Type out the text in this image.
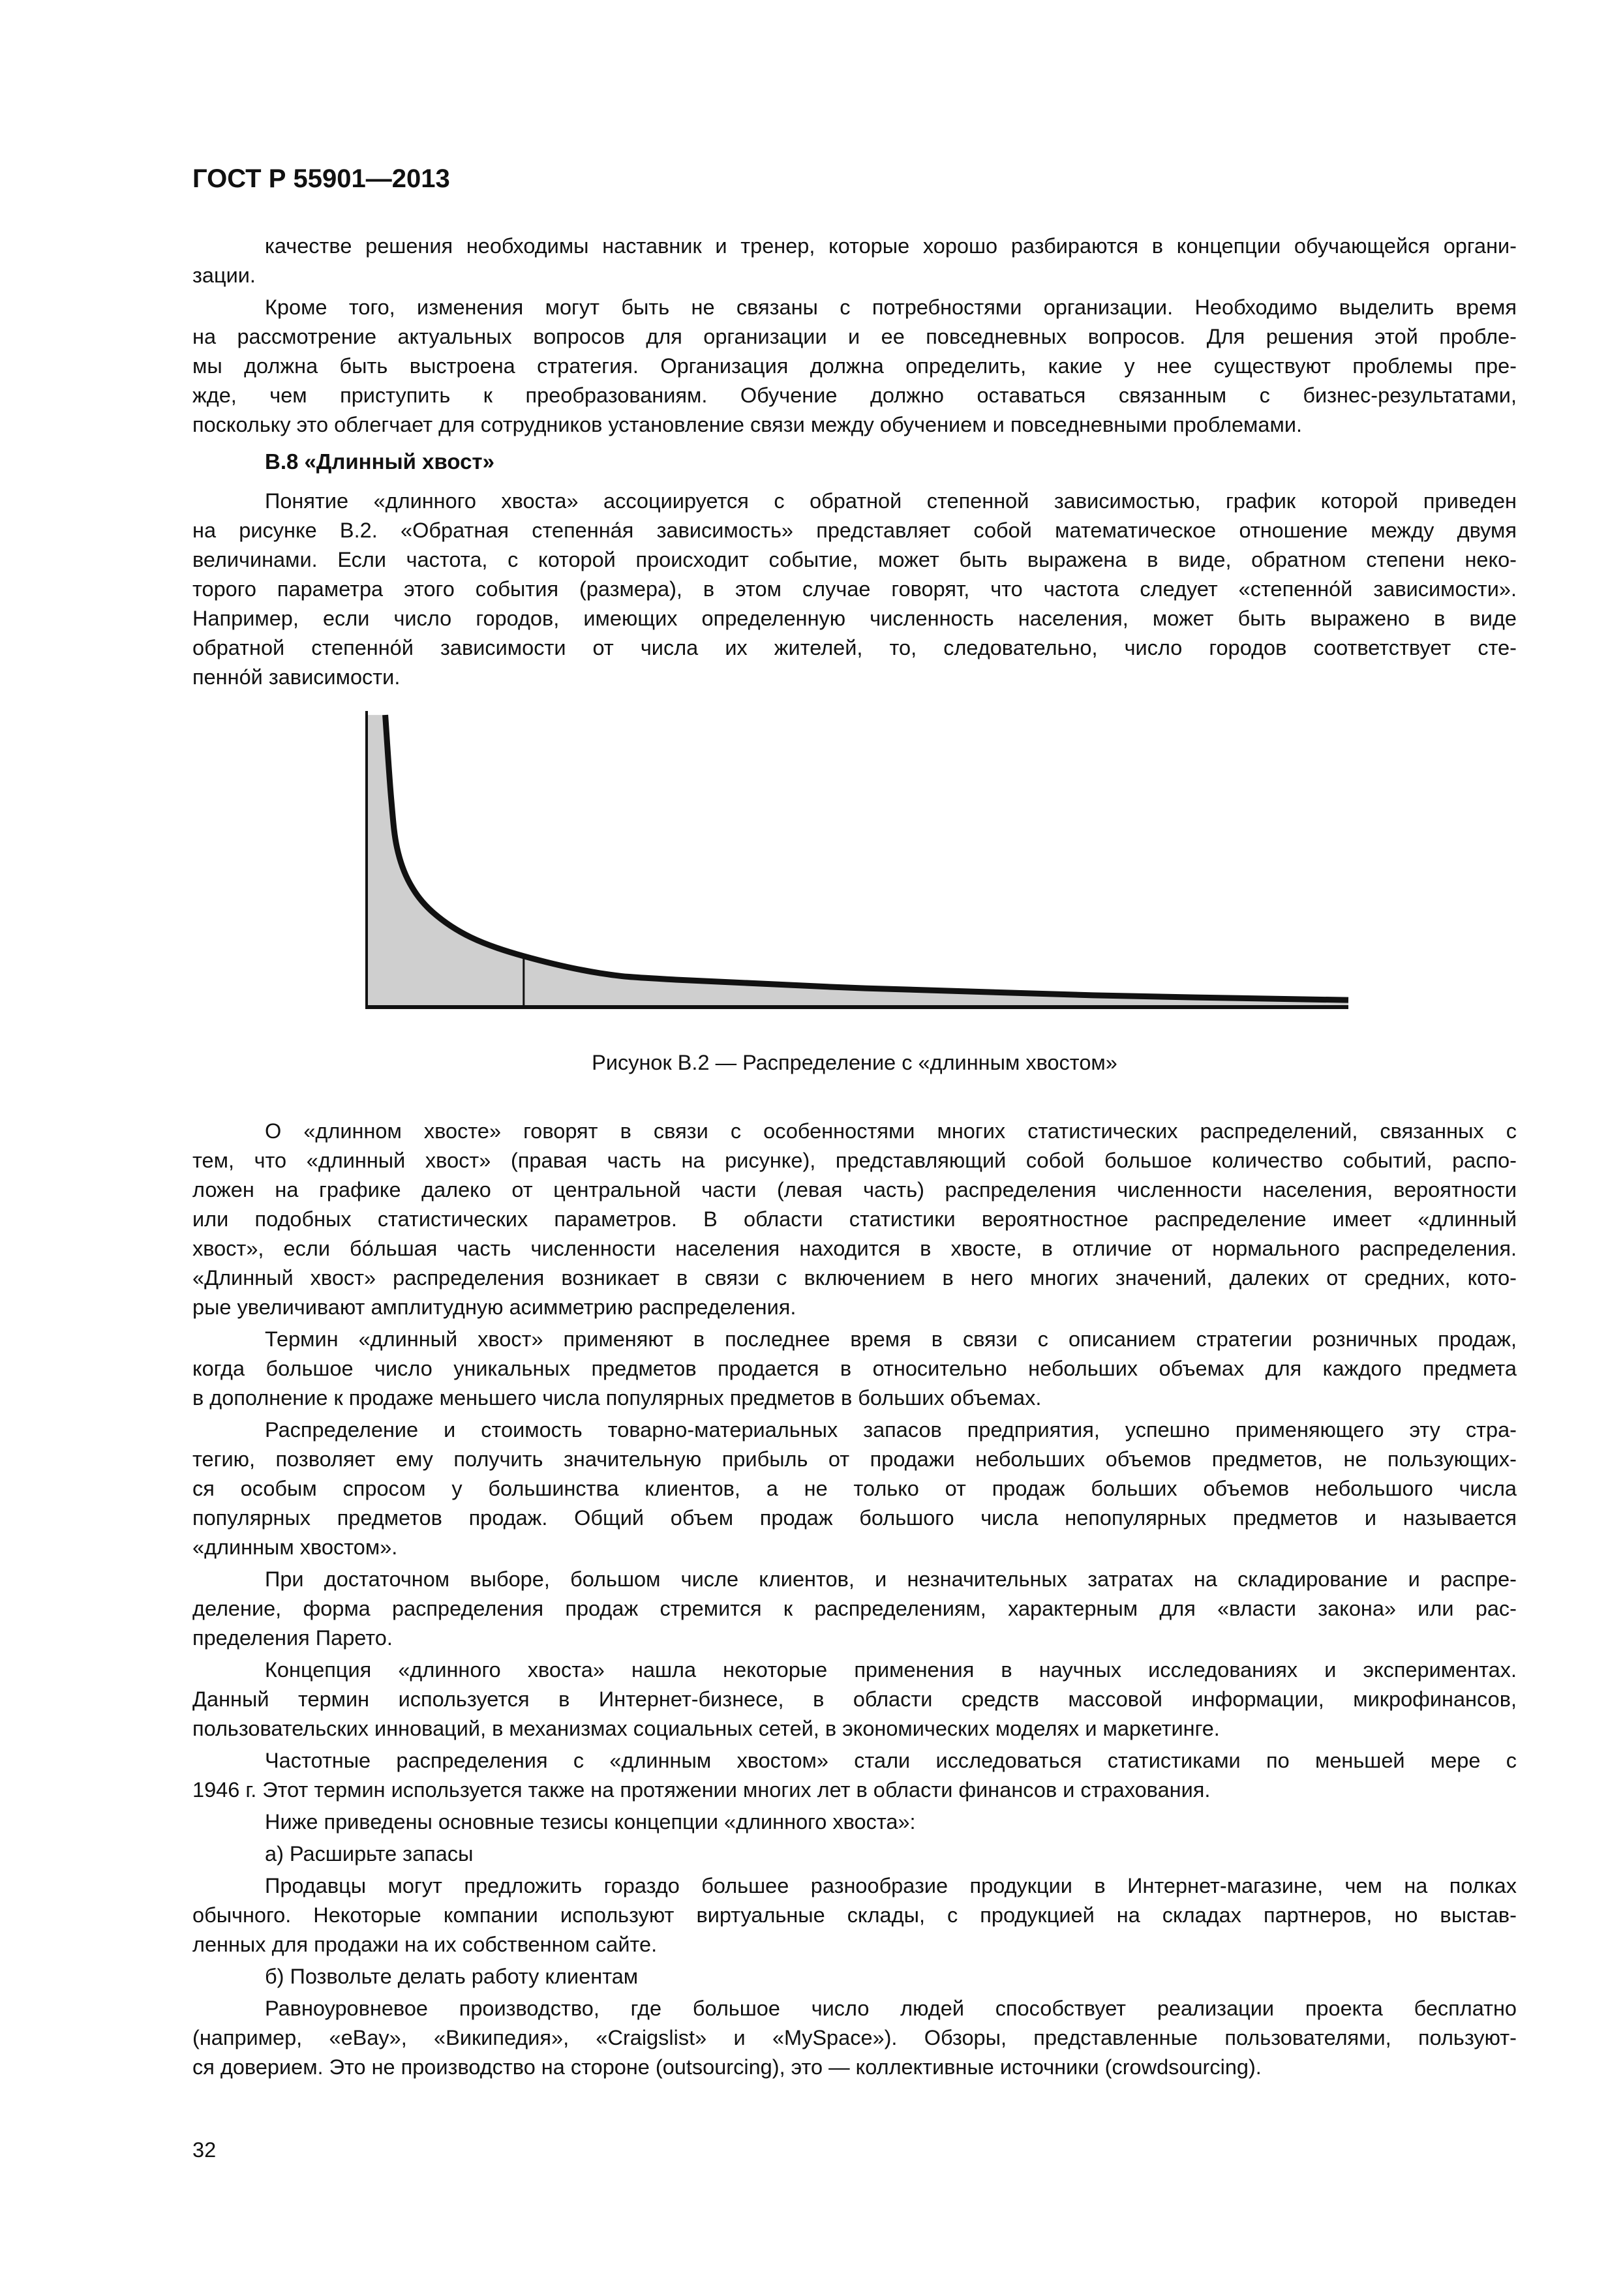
ГОСТ Р 55901—2013
качестве решения необходимы наставник и тренер, которые хорошо разбираются в концепции обучающейся органи-
зации.
Кроме того, изменения могут быть не связаны с потребностями организации. Необходимо выделить время
на рассмотрение актуальных вопросов для организации и ее повседневных вопросов. Для решения этой пробле-
мы должна быть выстроена стратегия. Организация должна определить, какие у нее существуют проблемы пре-
жде, чем приступить к преобразованиям. Обучение должно оставаться связанным с бизнес-результатами,
поскольку это облегчает для сотрудников установление связи между обучением и повседневными проблемами.
В.8 «Длинный хвост»
Понятие «длинного хвоста» ассоциируется с обратной степенной зависимостью, график которой приведен
на рисунке В.2. «Обратная степенна́я зависимость» представляет собой математическое отношение между двумя
величинами. Если частота, с которой происходит событие, может быть выражена в виде, обратном степени неко-
торого параметра этого события (размера), в этом случае говорят, что частота следует «степенно́й зависимости».
Например, если число городов, имеющих определенную численность населения, может быть выражено в виде
обратной степенно́й зависимости от числа их жителей, то, следовательно, число городов соответствует сте-
пенно́й зависимости.
Рисунок В.2 — Распределение с «длинным хвостом»
О «длинном хвосте» говорят в связи с особенностями многих статистических распределений, связанных с
тем, что «длинный хвост» (правая часть на рисунке), представляющий собой большое количество событий, распо-
ложен на графике далеко от центральной части (левая часть) распределения численности населения, вероятности
или подобных статистических параметров. В области статистики вероятностное распределение имеет «длинный
хвост», если бо́льшая часть численности населения находится в хвосте, в отличие от нормального распределения.
«Длинный хвост» распределения возникает в связи с включением в него многих значений, далеких от средних, кото-
рые увеличивают амплитудную асимметрию распределения.
Термин «длинный хвост» применяют в последнее время в связи с описанием стратегии розничных продаж,
когда большое число уникальных предметов продается в относительно небольших объемах для каждого предмета
в дополнение к продаже меньшего числа популярных предметов в больших объемах.
Распределение и стоимость товарно-материальных запасов предприятия, успешно применяющего эту стра-
тегию, позволяет ему получить значительную прибыль от продажи небольших объемов предметов, не пользующих-
ся особым спросом у большинства клиентов, а не только от продаж больших объемов небольшого числа
популярных предметов продаж. Общий объем продаж большого числа непопулярных предметов и называется
«длинным хвостом».
При достаточном выборе, большом числе клиентов, и незначительных затратах на складирование и распре-
деление, форма распределения продаж стремится к распределениям, характерным для «власти закона» или рас-
пределения Парето.
Концепция «длинного хвоста» нашла некоторые применения в научных исследованиях и экспериментах.
Данный термин используется в Интернет-бизнесе, в области средств массовой информации, микрофинансов,
пользовательских инноваций, в механизмах социальных сетей, в экономических моделях и маркетинге.
Частотные распределения с «длинным хвостом» стали исследоваться статистиками по меньшей мере с
1946 г. Этот термин используется также на протяжении многих лет в области финансов и страхования.
Ниже приведены основные тезисы концепции «длинного хвоста»:
а) Расширьте запасы
Продавцы могут предложить гораздо большее разнообразие продукции в Интернет-магазине, чем на полках
обычного. Некоторые компании используют виртуальные склады, с продукцией на складах партнеров, но выстав-
ленных для продажи на их собственном сайте.
б) Позвольте делать работу клиентам
Равноуровневое производство, где большое число людей способствует реализации проекта бесплатно
(например, «eBay», «Википедия», «Craigslist» и «MySpace»). Обзоры, представленные пользователями, пользуют-
ся доверием. Это не производство на стороне (outsourcing), это — коллективные источники (crowdsourcing).
32
